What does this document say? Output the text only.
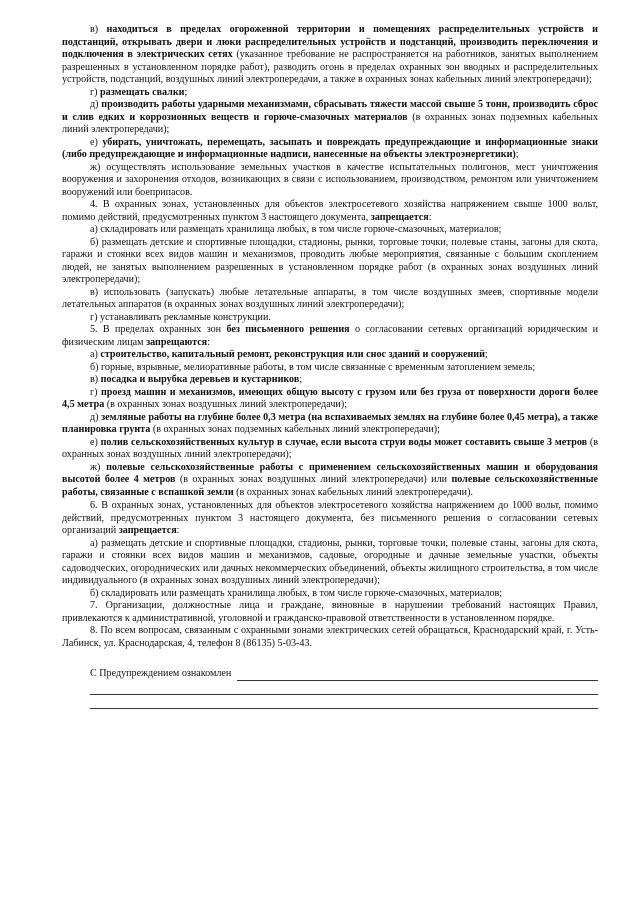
в) находиться в пределах огороженной территории и помещениях распределительных устройств и подстанций, открывать двери и люки распределительных устройств и подстанций, производить переключения и подключения в электрических сетях (указанное требование не распространяется на работников, занятых выполнением разрешенных в установленном порядке работ), разводить огонь в пределах охранных зон вводных и распределительных устройств, подстанций, воздушных линий электропередачи, а также в охранных зонах кабельных линий электропередачи);

г) размещать свалки;

д) производить работы ударными механизмами, сбрасывать тяжести массой свыше 5 тонн, производить сброс и слив едких и коррозионных веществ и горюче-смазочных материалов (в охранных зонах подземных кабельных линий электропередачи);

е) убирать, уничтожать, перемещать, засыпать и повреждать предупреждающие и информационные знаки (либо предупреждающие и информационные надписи, нанесенные на объекты электроэнергетики);

ж) осуществлять использование земельных участков в качестве испытательных полигонов, мест уничтожения вооружения и захоронения отходов, возникающих в связи с использованием, производством, ремонтом или уничтожением вооружений или боеприпасов.

4. В охранных зонах, установленных для объектов электросетевого хозяйства напряжением свыше 1000 вольт, помимо действий, предусмотренных пунктом 3 настоящего документа, запрещается:

а) складировать или размещать хранилища любых, в том числе горюче-смазочных, материалов;

б) размещать детские и спортивные площадки, стадионы, рынки, торговые точки, полевые станы, загоны для скота, гаражи и стоянки всех видов машин и механизмов, проводить любые мероприятия, связанные с большим скоплением людей, не занятых выполнением разрешенных в установленном порядке работ (в охранных зонах воздушных линий электропередачи);

в) использовать (запускать) любые летательные аппараты, в том числе воздушных змеев, спортивные модели летательных аппаратов (в охранных зонах воздушных линий электропередачи);

г) устанавливать рекламные конструкции.

5. В пределах охранных зон без письменного решения о согласовании сетевых организаций юридическим и физическим лицам запрещаются:

а) строительство, капитальный ремонт, реконструкция или снос зданий и сооружений;

б) горные, взрывные, мелиоративные работы, в том числе связанные с временным затоплением земель;

в) посадка и вырубка деревьев и кустарников;

г) проезд машин и механизмов, имеющих общую высоту с грузом или без груза от поверхности дороги более 4,5 метра (в охранных зонах воздушных линий электропередачи);

д) земляные работы на глубине более 0,3 метра (на вспахиваемых землях на глубине более 0,45 метра), а также планировка грунта (в охранных зонах подземных кабельных линий электропередачи);

е) полив сельскохозяйственных культур в случае, если высота струи воды может составить свыше 3 метров (в охранных зонах воздушных линий электропередачи);

ж) полевые сельскохозяйственные работы с применением сельскохозяйственных машин и оборудования высотой более 4 метров (в охранных зонах воздушных линий электропередачи) или полевые сельскохозяйственные работы, связанные с вспашкой земли (в охранных зонах кабельных линий электропередачи).

6. В охранных зонах, установленных для объектов электросетевого хозяйства напряжением до 1000 вольт, помимо действий, предусмотренных пунктом 3 настоящего документа, без письменного решения о согласовании сетевых организаций запрещается:

а) размещать детские и спортивные площадки, стадионы, рынки, торговые точки, полевые станы, загоны для скота, гаражи и стоянки всех видов машин и механизмов, садовые, огородные и дачные земельные участки, объекты садоводческих, огороднических или дачных некоммерческих объединений, объекты жилищного строительства, в том числе индивидуального (в охранных зонах воздушных линий электропередачи);

б) складировать или размещать хранилища любых, в том числе горюче-смазочных, материалов;

7. Организации, должностные лица и граждане, виновные в нарушении требований настоящих Правил, привлекаются к административной, уголовной и гражданско-правовой ответственности в установленном порядке.

8. По всем вопросам, связанным с охранными зонами электрических сетей обращаться, Краснодарский край, г. Усть-Лабинск, ул. Краснодарская, 4, телефон 8 (86135) 5-03-43.

С Предупреждением ознакомлен
